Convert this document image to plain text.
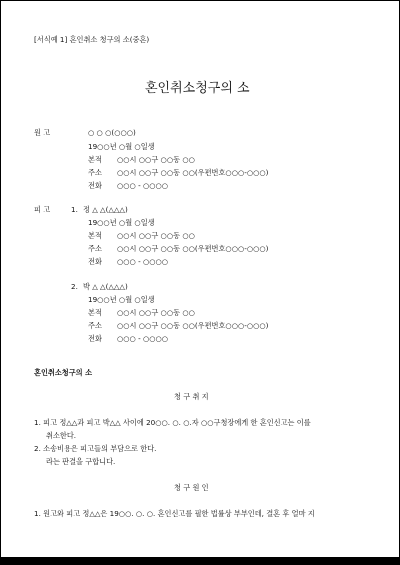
[서식예 1] 혼인취소 청구의 소(중혼)
혼인취소청구의 소
원 고	○ ○ ○(○○○)
19○○년 ○월 ○일생
본적 ○○시 ○○구 ○○동 ○○
주소 ○○시 ○○구 ○○동 ○○(우편번호○○○-○○○)
전화 ○○○ - ○○○○
피 고	1. 정 △ △(△△△)
19○○년 ○월 ○일생
본적 ○○시 ○○구 ○○동 ○○
주소 ○○시 ○○구 ○○동 ○○(우편번호○○○-○○○)
전화 ○○○ - ○○○○
2. 박 △ △(△△△)
19○○년 ○월 ○일생
본적 ○○시 ○○구 ○○동 ○○
주소 ○○시 ○○구 ○○동 ○○(우편번호○○○-○○○)
전화 ○○○ - ○○○○
혼인취소청구의 소
청 구 취 지
1. 피고 정△△과 피고 박△△ 사이에 20○○. ○. ○.자 ○○구청장에게 한 혼인신고는 이를
취소한다.
2. 소송비용은 피고들의 부담으로 한다.
라는 판결을 구합니다.
청 구 원 인
1. 원고와 피고 정△△은 19○○. ○. ○. 혼인신고를 필한 법률상 부부인데, 결혼 후 얼마 지
